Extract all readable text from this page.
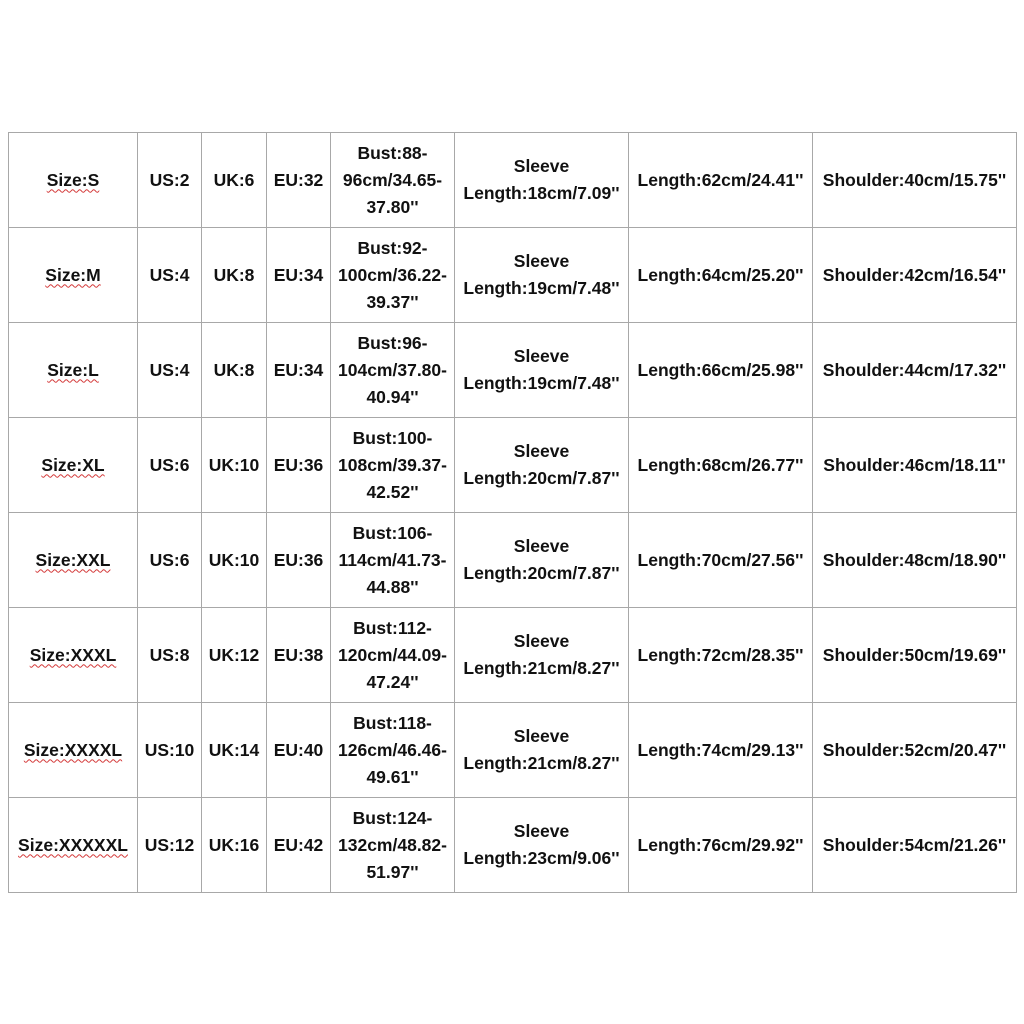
Size:S	US:2	UK:6	EU:32	Bust:88-
96cm/34.65-
37.80''	Sleeve
Length:18cm/7.09''	Length:62cm/24.41''	Shoulder:40cm/15.75''
Size:M	US:4	UK:8	EU:34	Bust:92-
100cm/36.22-
39.37''	Sleeve
Length:19cm/7.48''	Length:64cm/25.20''	Shoulder:42cm/16.54''
Size:L	US:4	UK:8	EU:34	Bust:96-
104cm/37.80-
40.94''	Sleeve
Length:19cm/7.48''	Length:66cm/25.98''	Shoulder:44cm/17.32''
Size:XL	US:6	UK:10	EU:36	Bust:100-
108cm/39.37-
42.52''	Sleeve
Length:20cm/7.87''	Length:68cm/26.77''	Shoulder:46cm/18.11''
Size:XXL	US:6	UK:10	EU:36	Bust:106-
114cm/41.73-
44.88''	Sleeve
Length:20cm/7.87''	Length:70cm/27.56''	Shoulder:48cm/18.90''
Size:XXXL	US:8	UK:12	EU:38	Bust:112-
120cm/44.09-
47.24''	Sleeve
Length:21cm/8.27''	Length:72cm/28.35''	Shoulder:50cm/19.69''
Size:XXXXL	US:10	UK:14	EU:40	Bust:118-
126cm/46.46-
49.61''	Sleeve
Length:21cm/8.27''	Length:74cm/29.13''	Shoulder:52cm/20.47''
Size:XXXXXL	US:12	UK:16	EU:42	Bust:124-
132cm/48.82-
51.97''	Sleeve
Length:23cm/9.06''	Length:76cm/29.92''	Shoulder:54cm/21.26''
